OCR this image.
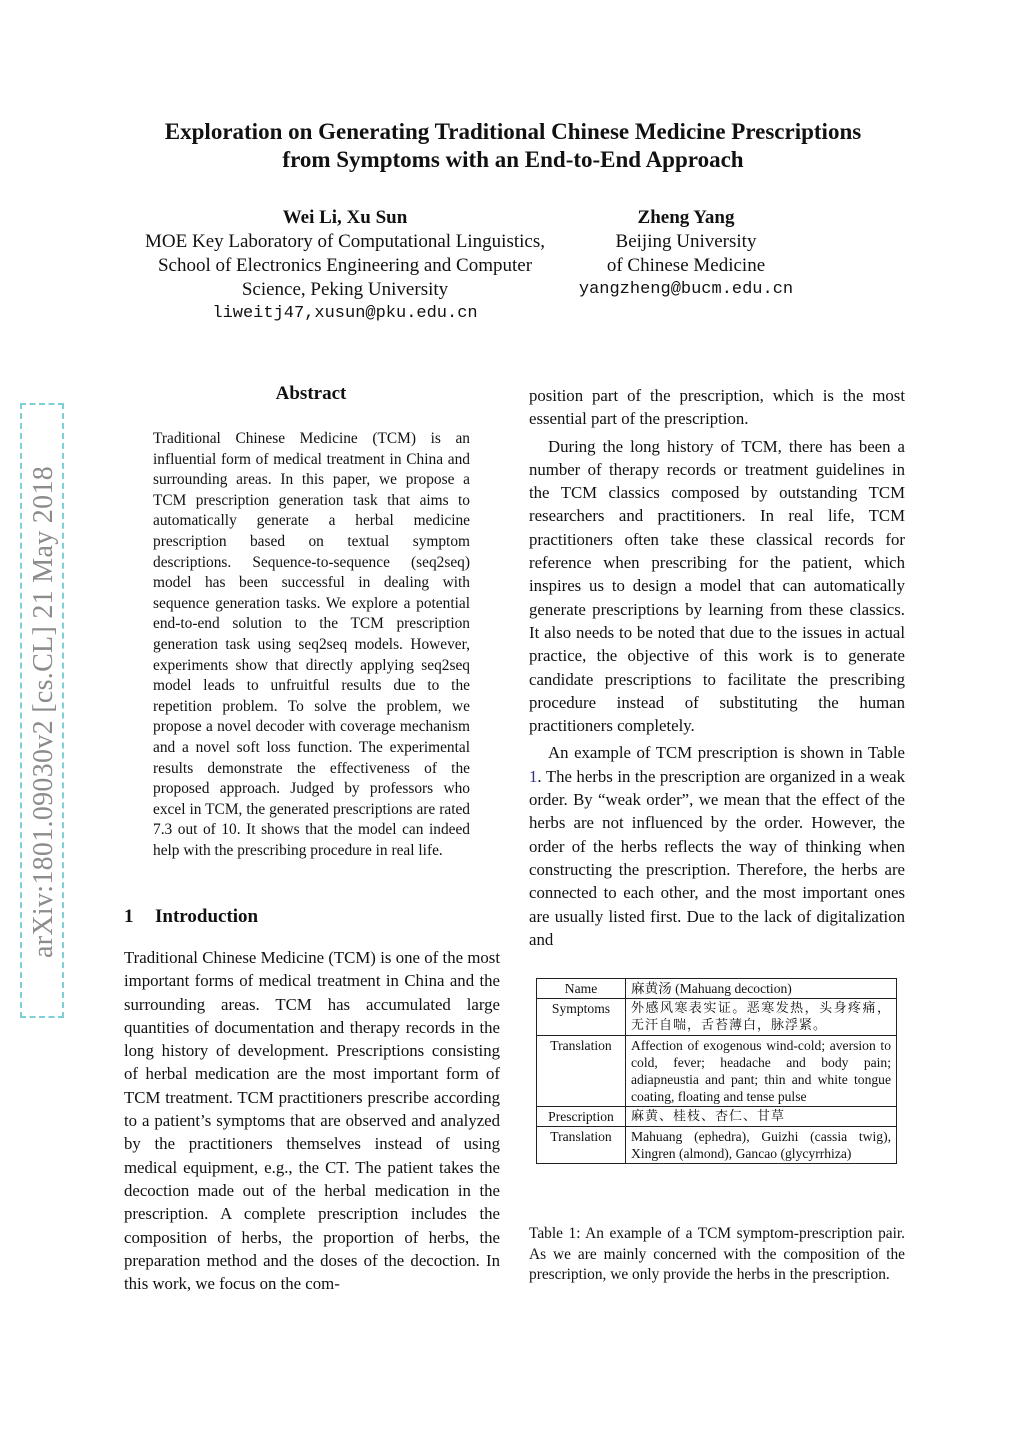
arXiv:1801.09030v2 [cs.CL] 21 May 2018
Exploration on Generating Traditional Chinese Medicine Prescriptions
from Symptoms with an End-to-End Approach
Wei Li, Xu Sun
MOE Key Laboratory of Computational Linguistics,
School of Electronics Engineering and Computer
Science, Peking University
liweitj47,xusun@pku.edu.cn
Zheng Yang
Beijing University
of Chinese Medicine
yangzheng@bucm.edu.cn
Abstract
Traditional Chinese Medicine (TCM) is an influential form of medical treatment in China and surrounding areas. In this paper, we propose a TCM prescription generation task that aims to automatically generate a herbal medicine prescription based on textual symptom descriptions. Sequence-to-sequence (seq2seq) model has been successful in dealing with sequence generation tasks. We explore a potential end-to-end solution to the TCM prescription generation task using seq2seq models. However, experiments show that directly applying seq2seq model leads to unfruitful results due to the repetition problem. To solve the problem, we propose a novel decoder with coverage mechanism and a novel soft loss function. The experimental results demonstrate the effectiveness of the proposed approach. Judged by professors who excel in TCM, the generated prescriptions are rated 7.3 out of 10. It shows that the model can indeed help with the prescribing procedure in real life.
1 Introduction
Traditional Chinese Medicine (TCM) is one of the most important forms of medical treatment in China and the surrounding areas. TCM has accumulated large quantities of documentation and therapy records in the long history of development. Prescriptions consisting of herbal medication are the most important form of TCM treatment. TCM practitioners prescribe according to a patient’s symptoms that are observed and analyzed by the practitioners themselves instead of using medical equipment, e.g., the CT. The patient takes the decoction made out of the herbal medication in the prescription. A complete prescription includes the composition of herbs, the proportion of herbs, the preparation method and the doses of the decoction. In this work, we focus on the com-

position part of the prescription, which is the most essential part of the prescription.

During the long history of TCM, there has been a number of therapy records or treatment guidelines in the TCM classics composed by outstanding TCM researchers and practitioners. In real life, TCM practitioners often take these classical records for reference when prescribing for the patient, which inspires us to design a model that can automatically generate prescriptions by learning from these classics. It also needs to be noted that due to the issues in actual practice, the objective of this work is to generate candidate prescriptions to facilitate the prescribing procedure instead of substituting the human practitioners completely.

An example of TCM prescription is shown in Table 1. The herbs in the prescription are organized in a weak order. By “weak order”, we mean that the effect of the herbs are not influenced by the order. However, the order of the herbs reflects the way of thinking when constructing the prescription. Therefore, the herbs are connected to each other, and the most important ones are usually listed first. Due to the lack of digitalization and

Name	麻黄汤 (Mahuang decoction)
Symptoms	外感风寒表实证。恶寒发热，头身疼痛，无汗自喘，舌苔薄白，脉浮紧。
Translation	Affection of exogenous wind-cold; aversion to cold, fever; headache and body pain; adiapneustia and pant; thin and white tongue coating, floating and tense pulse
Prescription	麻黄、桂枝、杏仁、甘草
Translation	Mahuang (ephedra), Guizhi (cassia twig), Xingren (almond), Gancao (glycyrrhiza)
Table 1: An example of a TCM symptom-prescription pair. As we are mainly concerned with the composition of the prescription, we only provide the herbs in the prescription.
